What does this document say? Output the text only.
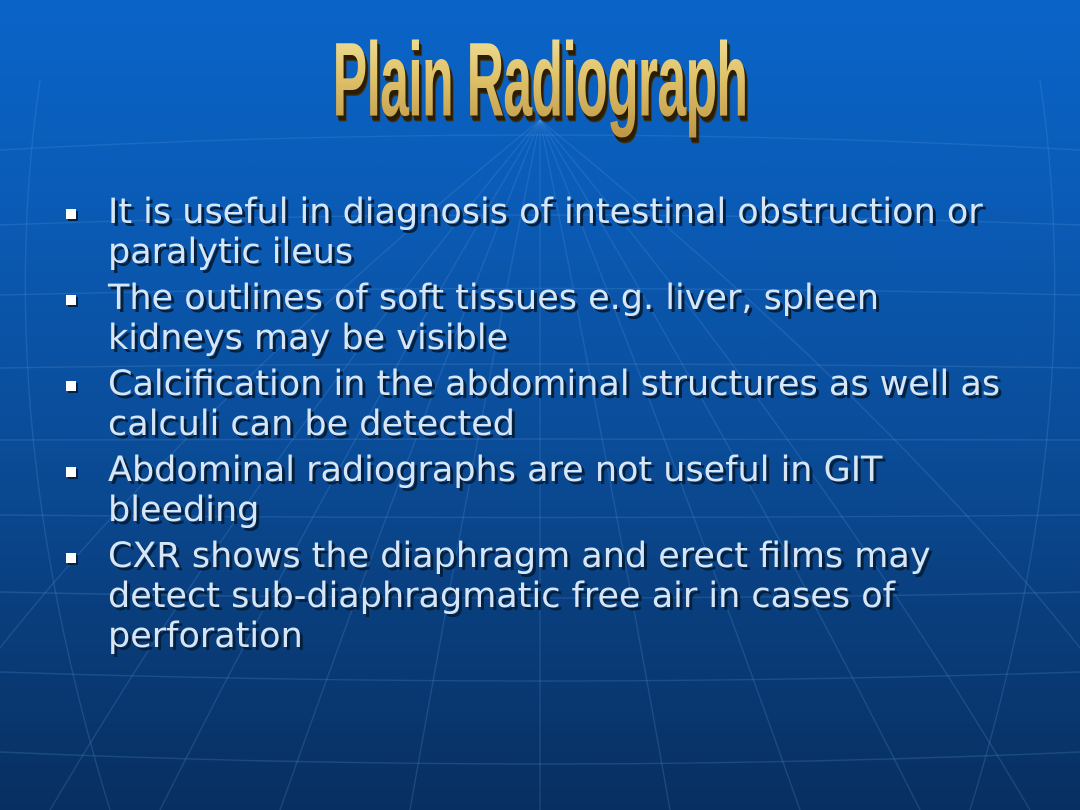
Plain Radiograph
It is useful in diagnosis of intestinal obstruction or paralytic ileus
The outlines of soft tissues e.g. liver, spleen kidneys may be visible
Calcification in the abdominal structures as well as calculi can be detected
Abdominal radiographs are not useful in GIT bleeding
CXR shows the diaphragm and erect films may detect sub-diaphragmatic free air in cases of perforation
